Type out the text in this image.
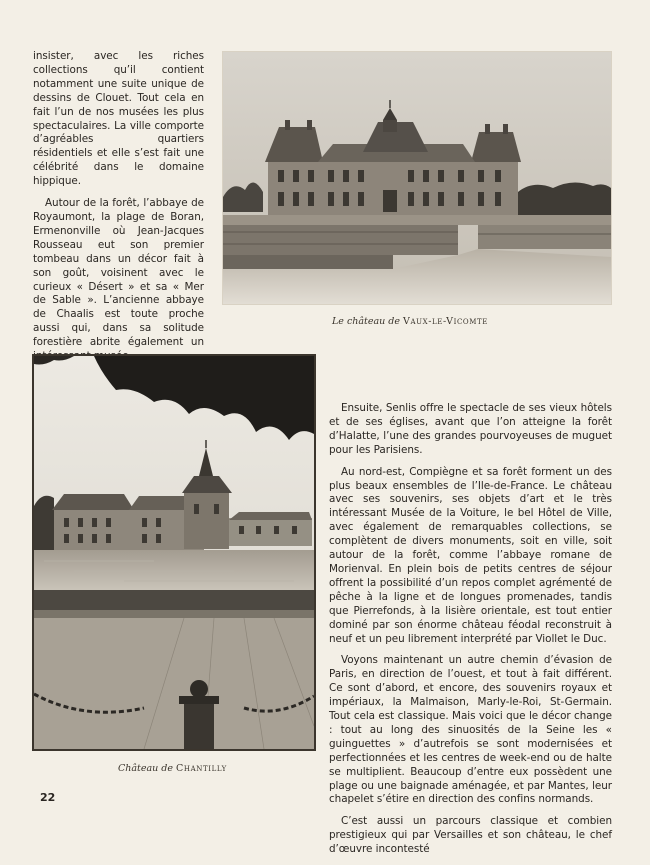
insister, avec les riches collections qu’il contient notamment une suite unique de dessins de Clouet. Tout cela en fait l’un de nos musées les plus spectaculaires. La ville comporte d’agréables quartiers résidentiels et elle s’est fait une célébrité dans le domaine hippique.

Autour de la forêt, l’abbaye de Royaumont, la plage de Boran, Ermenonville où Jean-Jacques Rousseau eut son premier tombeau dans un décor fait à son goût, voisinent avec le curieux « Désert » et sa « Mer de Sable ». L’ancienne abbaye de Chaalis est toute proche aussi qui, dans sa solitude forestière abrite également un

Le château de Vaux-le-Vicomte
Château de Chantilly

Ensuite, Senlis offre le spectacle de ses vieux hôtels et de ses églises, avant que l’on atteigne la forêt d’Halatte, l’une des grandes pourvoyeuses de muguet pour les Parisiens.

Au nord-est, Compiègne et sa forêt forment un des plus beaux ensembles de l’Ile-de-France. Le château avec ses souvenirs, ses objets d’art et le très intéressant Musée de la Voiture, le bel Hôtel de Ville, avec également de remarquables collections, se complètent de divers monuments, soit en ville, soit autour de la forêt, comme l’abbaye romane de Morienval. En plein bois de petits centres de séjour offrent la possibilité d’un repos complet agrémenté de pêche à la ligne et de longues promenades, tandis que Pierrefonds, à la lisière orientale, est tout entier dominé par son énorme château féodal reconstruit à neuf et un peu librement interprété par Viollet le Duc.

Voyons maintenant un autre chemin d’évasion de Paris, en direction de l’ouest, et tout à fait différent. Ce sont d’abord, et encore, des souvenirs royaux et impériaux, la Malmaison, Marly-le-Roi, St-Germain. Tout cela est classique. Mais voici que le décor change : tout au long des sinuosités de la Seine les « guinguettes » d’autrefois se sont modernisées et perfectionnées et les centres de week-end ou de halte se multiplient. Beaucoup d’entre eux possèdent une plage ou une baignade aménagée, et par Mantes, leur chapelet s’étire en direction des confins normands.

C’est aussi un parcours classique et combien prestigieux qui par Versailles et son château, le chef d’œuvre incontesté

22
